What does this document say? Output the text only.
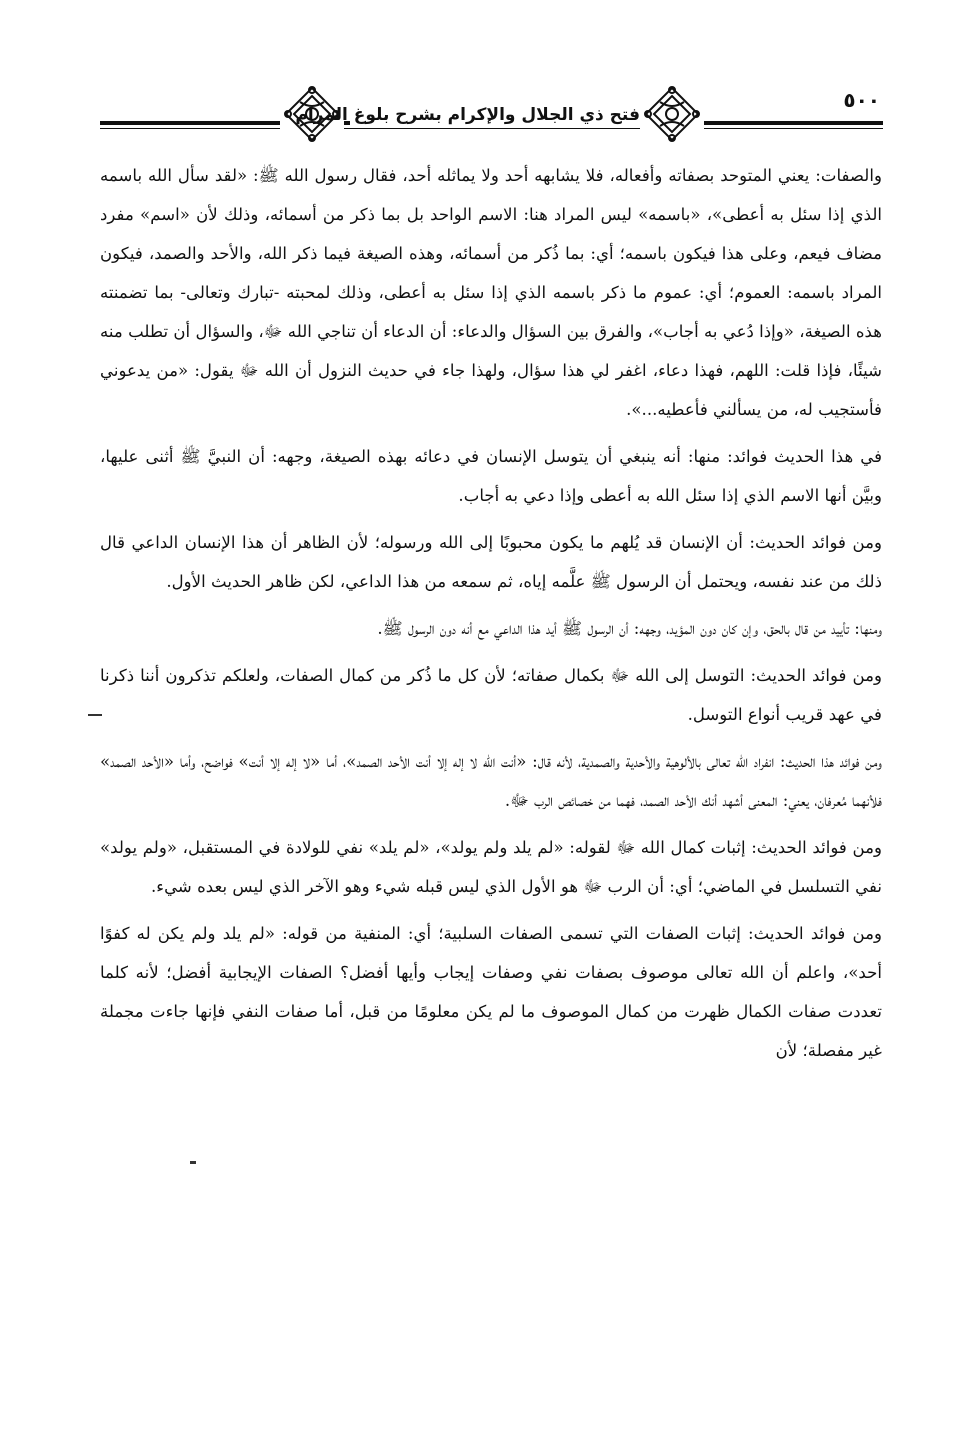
فتح ذي الجلال والإكرام بشرح بلوغ المرام
٥٠٠

والصفات: يعني المتوحد بصفاته وأفعاله، فلا يشابهه أحد ولا يماثله أحد، فقال رسول الله ﷺ: «لقد سأل الله باسمه الذي إذا سئل به أعطى»، «باسمه» ليس المراد هنا: الاسم الواحد بل بما ذكر من أسمائه، وذلك لأن «اسم» مفرد مضاف فيعم، وعلى هذا فيكون باسمه؛ أي: بما ذُكر من أسمائه، وهذه الصيغة فيما ذكر الله، والأحد والصمد، فيكون المراد باسمه: العموم؛ أي: عموم ما ذكر باسمه الذي إذا سئل به أعطى، وذلك لمحبته -تبارك وتعالى- بما تضمنته هذه الصيغة، «وإذا دُعي به أجاب»، والفرق بين السؤال والدعاء: أن الدعاء أن تناجي الله ﷻ، والسؤال أن تطلب منه شيئًا، فإذا قلت: اللهم، فهذا دعاء، اغفر لي هذا سؤال، ولهذا جاء في حديث النزول أن الله ﷻ يقول: «من يدعوني فأستجيب له، من يسألني فأعطيه...».

في هذا الحديث فوائد: منها: أنه ينبغي أن يتوسل الإنسان في دعائه بهذه الصيغة، وجهه: أن النبيَّ ﷺ أثنى عليها، وبيَّن أنها الاسم الذي إذا سئل الله به أعطى وإذا دعي به أجاب.

ومن فوائد الحديث: أن الإنسان قد يُلهم ما يكون محبوبًا إلى الله ورسوله؛ لأن الظاهر أن هذا الإنسان الداعي قال ذلك من عند نفسه، ويحتمل أن الرسول ﷺ علَّمه إياه، ثم سمعه من هذا الداعي، لكن ظاهر الحديث الأول.

ومنها: تأييد من قال بالحق، وإن كان دون المؤيد، وجهه: أن الرسول ﷺ أيد هذا الداعي مع أنه دون الرسول ﷺ.

ومن فوائد الحديث: التوسل إلى الله ﷻ بكمال صفاته؛ لأن كل ما ذُكر من كمال الصفات، ولعلكم تذكرون أننا ذكرنا في عهد قريب أنواع التوسل.

ومن فوائد هذا الحديث: انفراد الله تعالى بالألوهية والأحدية والصمدية، لأنه قال: «أنت الله لا إله إلا أنت الأحد الصمد»، أما «لا إله إلا أنت» فواضح، وأما «الأحد الصمد» فلأنهما مُعرفان، يعني: المعنى أشهد أنك الأحد الصمد، فهما من خصائص الرب ﷻ.

ومن فوائد الحديث: إثبات كمال الله ﷻ لقوله: «لم يلد ولم يولد»، «لم يلد» نفي للولادة في المستقبل، «ولم يولد» نفي التسلسل في الماضي؛ أي: أن الرب ﷻ هو الأول الذي ليس قبله شيء وهو الآخر الذي ليس بعده شيء.

ومن فوائد الحديث: إثبات الصفات التي تسمى الصفات السلبية؛ أي: المنفية من قوله: «لم يلد ولم يكن له كفوًا أحد»، واعلم أن الله تعالى موصوف بصفات نفي وصفات إيجاب وأيها أفضل؟ الصفات الإيجابية أفضل؛ لأنه كلما تعددت صفات الكمال ظهرت من كمال الموصوف ما لم يكن معلومًا من قبل، أما صفات النفي فإنها جاءت مجملة غير مفصلة؛ لأن
